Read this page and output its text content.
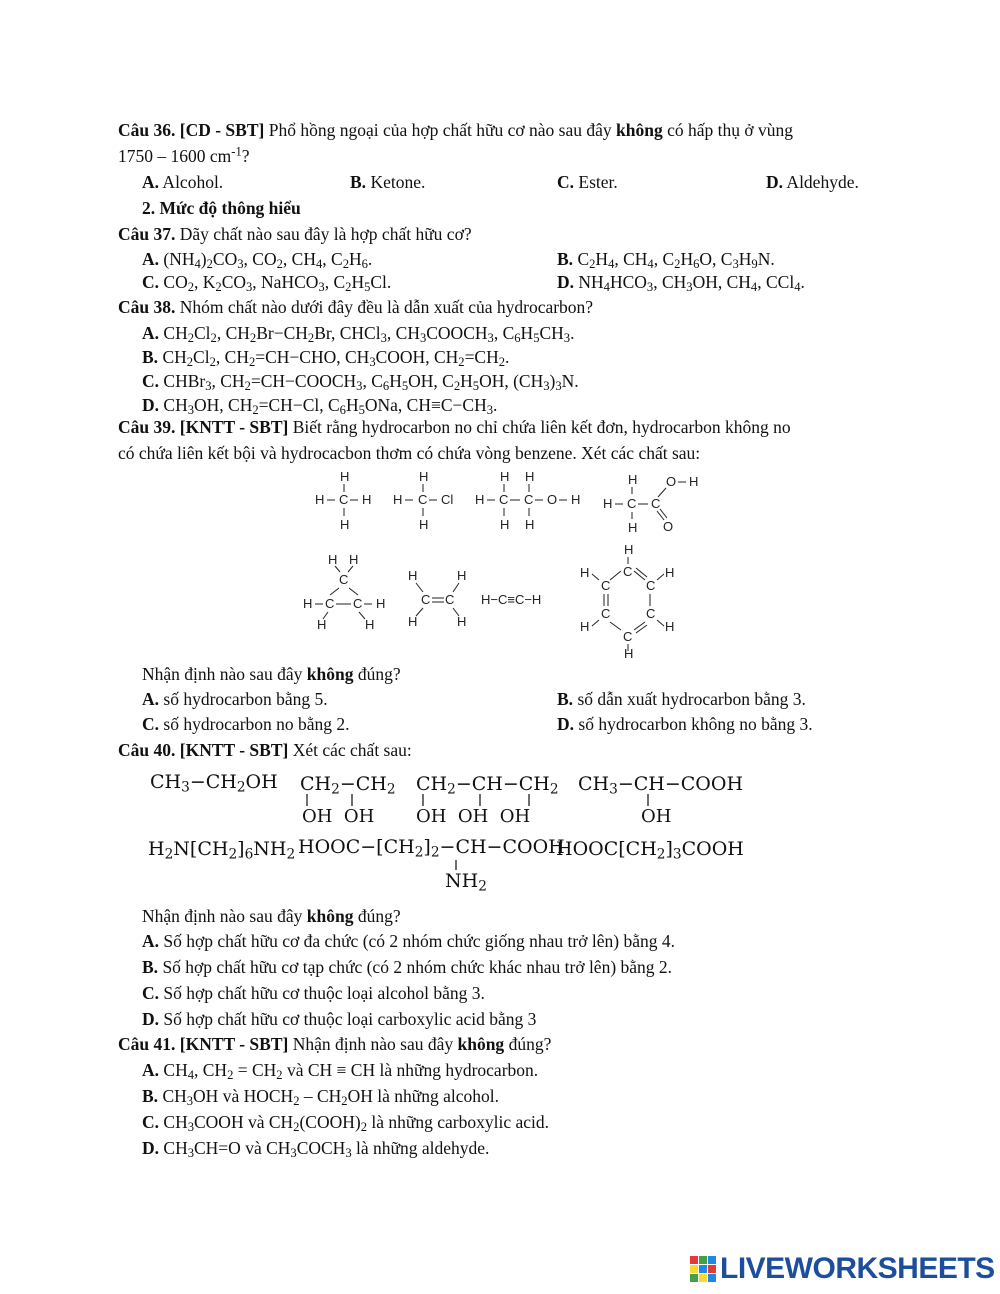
Câu 36. [CD - SBT] Phổ hồng ngoại của hợp chất hữu cơ nào sau đây không có hấp thụ ở vùng
1750 – 1600 $cm^{-1}$?
A. Alcohol.	B. Ketone.	C. Ester.	D. Aldehyde.
2. Mức độ thông hiểu
Câu 37. Dãy chất nào sau đây là hợp chất hữu cơ?
A. $(NH_4)_2CO_3$, $CO_2$, $CH_4$, $C_2H_6$.	B. $C_2H_4$, $CH_4$, $C_2H_6O$, $C_3H_9N$.
C. $CO_2$, $K_2CO_3$, NaHCO$_3$, $C_2H_5Cl$.	D. $NH_4HCO_3$, $CH_3OH$, $CH_4$, CCl$_4$.
Câu 38. Nhóm chất nào dưới đây đều là dẫn xuất của hydrocarbon?
A. $CH_2Cl_2$, $CH_2Br-CH_2Br$, CHCl$_3$, $CH_3COOCH_3$, $C_6H_5CH_3$.
B. $CH_2Cl_2$, $CH_2=CH-CHO$, $CH_3COOH$, $CH_2=CH_2$.
C. CHBr$_3$, $CH_2=CH-COOCH_3$, $C_6H_5OH$, $C_2H_5OH$, $(CH_3)_3N$.
D. $CH_3OH$, $CH_2=CH-Cl$, $C_6H_5ONa$, $CH\equiv C-CH_3$.
Câu 39. [KNTT - SBT] Biết rằng hydrocarbon no chỉ chứa liên kết đơn, hydrocarbon không no
có chứa liên kết bội và hydrocacbon thơm có chứa vòng benzene. Xét các chất sau:
H
H C H
H
H
H C Cl
H
H H
H C C O H
H H
H
H C C
O H
O
H
H H
C
H C C H
H	H
H	H
C C
H	H
H−C≡C−H
H
C
H
C	C
H
C	C
H	H
C
H
Nhận định nào sau đây không đúng?
A. số hydrocarbon bằng 5.	B. số dẫn xuất hydrocarbon bằng 3.
C. số hydrocarbon no bằng 2.	D. số hydrocarbon không no bằng 3.
Câu 40. [KNTT - SBT] Xét các chất sau:
$CH_3-CH_2OH$ $CH_2-CH_2$
OH  OH
$CH_2-CH-CH_2$
OH  OH  OH
$CH_3-CH-COOH$
OH
$H_2N[CH_2]_6NH_2$ $HOOC-[CH_2]_2-CH-COOH$
$NH_2$
$HOOC[CH_2]_3COOH$
Nhận định nào sau đây không đúng?
A. Số hợp chất hữu cơ đa chức (có 2 nhóm chức giống nhau trở lên) bằng 4.
B. Số hợp chất hữu cơ tạp chức (có 2 nhóm chức khác nhau trở lên) bằng 2.
C. Số hợp chất hữu cơ thuộc loại alcohol bằng 3.
D. Số hợp chất hữu cơ thuộc loại carboxylic acid bằng 3
Câu 41. [KNTT - SBT] Nhận định nào sau đây không đúng?
A. $CH_4$, $CH_2 = CH_2$ và CH ≡ CH là những hydrocarbon.
B. $CH_3OH$ và $HOCH_2 - CH_2OH$ là những alcohol.
C. $CH_3COOH$ và $CH_2(COOH)_2$ là những carboxylic acid.
D. $CH_3CH=O$ và $CH_3COCH_3$ là những aldehyde.
LIVEWORKSHEETS
